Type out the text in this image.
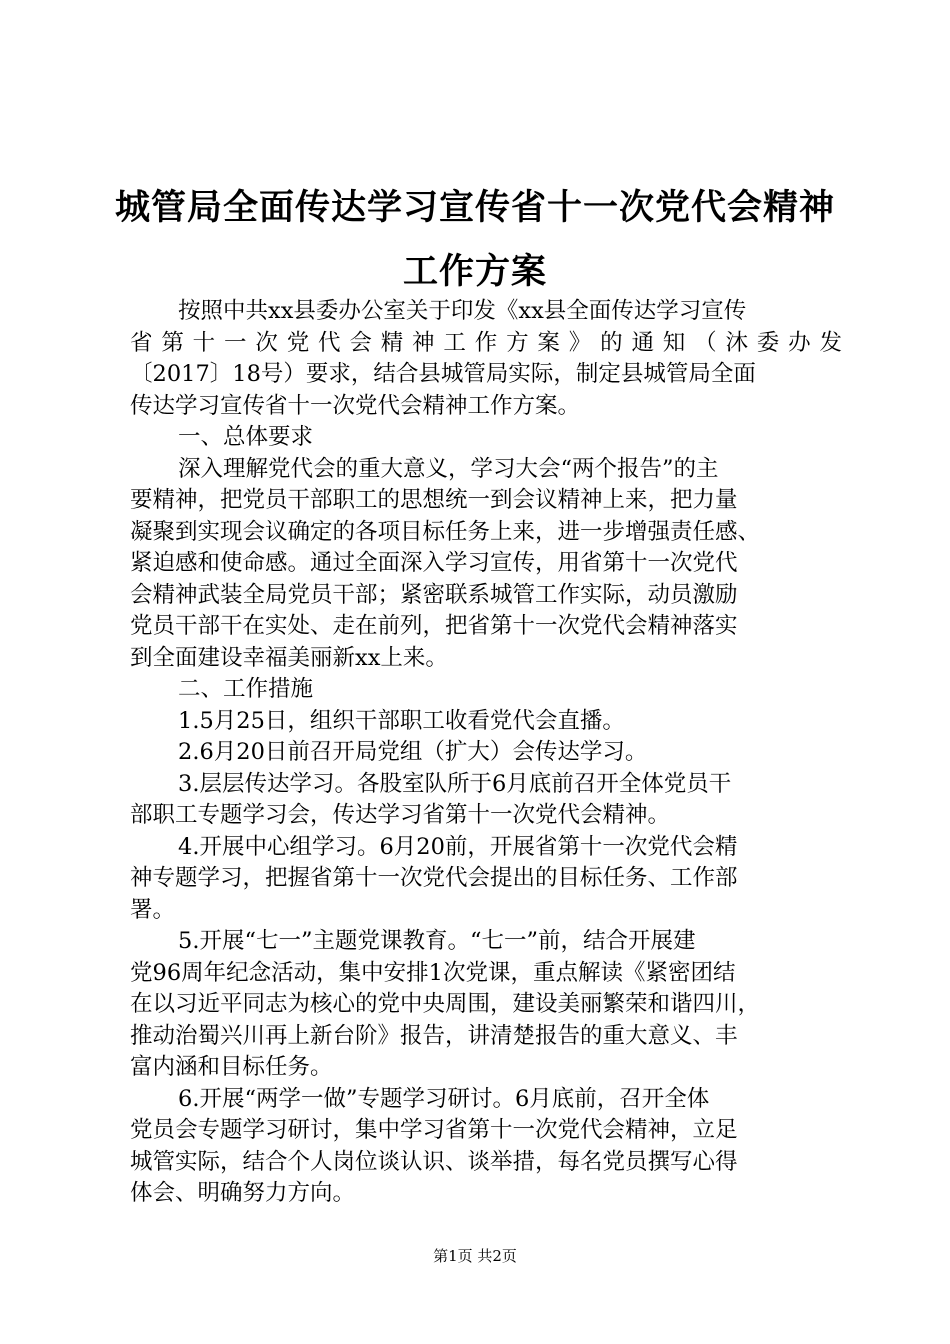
城管局全面传达学习宣传省十一次党代会精神
工作方案
按照中共xx县委办公室关于印发《xx县全面传达学习宣传
省第十一次党代会精神工作方案》的通知（沐委办发
〔2017〕18号）要求，结合县城管局实际，制定县城管局全面
传达学习宣传省十一次党代会精神工作方案。
一、总体要求
深入理解党代会的重大意义，学习大会“两个报告”的主
要精神，把党员干部职工的思想统一到会议精神上来，把力量
凝聚到实现会议确定的各项目标任务上来，进一步增强责任感、
紧迫感和使命感。通过全面深入学习宣传，用省第十一次党代
会精神武装全局党员干部；紧密联系城管工作实际，动员激励
党员干部干在实处、走在前列，把省第十一次党代会精神落实
到全面建设幸福美丽新xx上来。
二、工作措施
1.5月25日，组织干部职工收看党代会直播。
2.6月20日前召开局党组（扩大）会传达学习。
3.层层传达学习。各股室队所于6月底前召开全体党员干
部职工专题学习会，传达学习省第十一次党代会精神。
4.开展中心组学习。6月20前，开展省第十一次党代会精
神专题学习，把握省第十一次党代会提出的目标任务、工作部
署。
5.开展“七一”主题党课教育。“七一”前，结合开展建
党96周年纪念活动，集中安排1次党课，重点解读《紧密团结
在以习近平同志为核心的党中央周围，建设美丽繁荣和谐四川，
推动治蜀兴川再上新台阶》报告，讲清楚报告的重大意义、丰
富内涵和目标任务。
6.开展“两学一做”专题学习研讨。6月底前，召开全体
党员会专题学习研讨，集中学习省第十一次党代会精神，立足
城管实际，结合个人岗位谈认识、谈举措，每名党员撰写心得
体会、明确努力方向。
第1页 共2页
